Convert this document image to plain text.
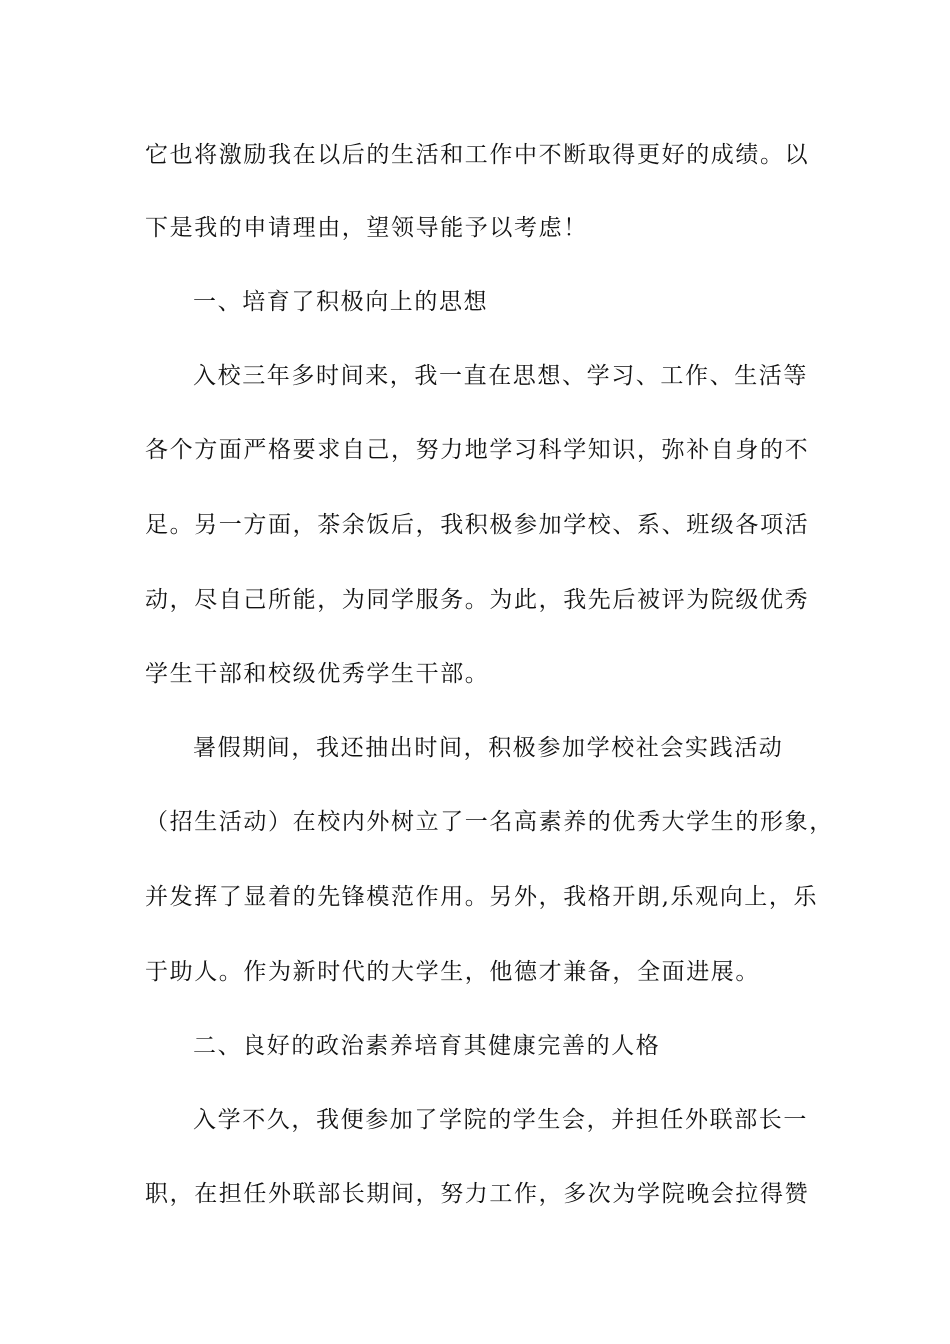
它也将激励我在以后的生活和工作中不断取得更好的成绩。以

下是我的申请理由，望领导能予以考虑！

一、培育了积极向上的思想

入校三年多时间来，我一直在思想、学习、工作、生活等

各个方面严格要求自己，努力地学习科学知识，弥补自身的不

足。另一方面，茶余饭后，我积极参加学校、系、班级各项活

动，尽自己所能，为同学服务。为此，我先后被评为院级优秀

学生干部和校级优秀学生干部。

暑假期间，我还抽出时间，积极参加学校社会实践活动

（招生活动）在校内外树立了一名高素养的优秀大学生的形象，

并发挥了显着的先锋模范作用。另外，我格开朗,乐观向上，乐

于助人。作为新时代的大学生，他德才兼备，全面进展。

二、良好的政治素养培育其健康完善的人格

入学不久，我便参加了学院的学生会，并担任外联部长一

职，在担任外联部长期间，努力工作，多次为学院晚会拉得赞
